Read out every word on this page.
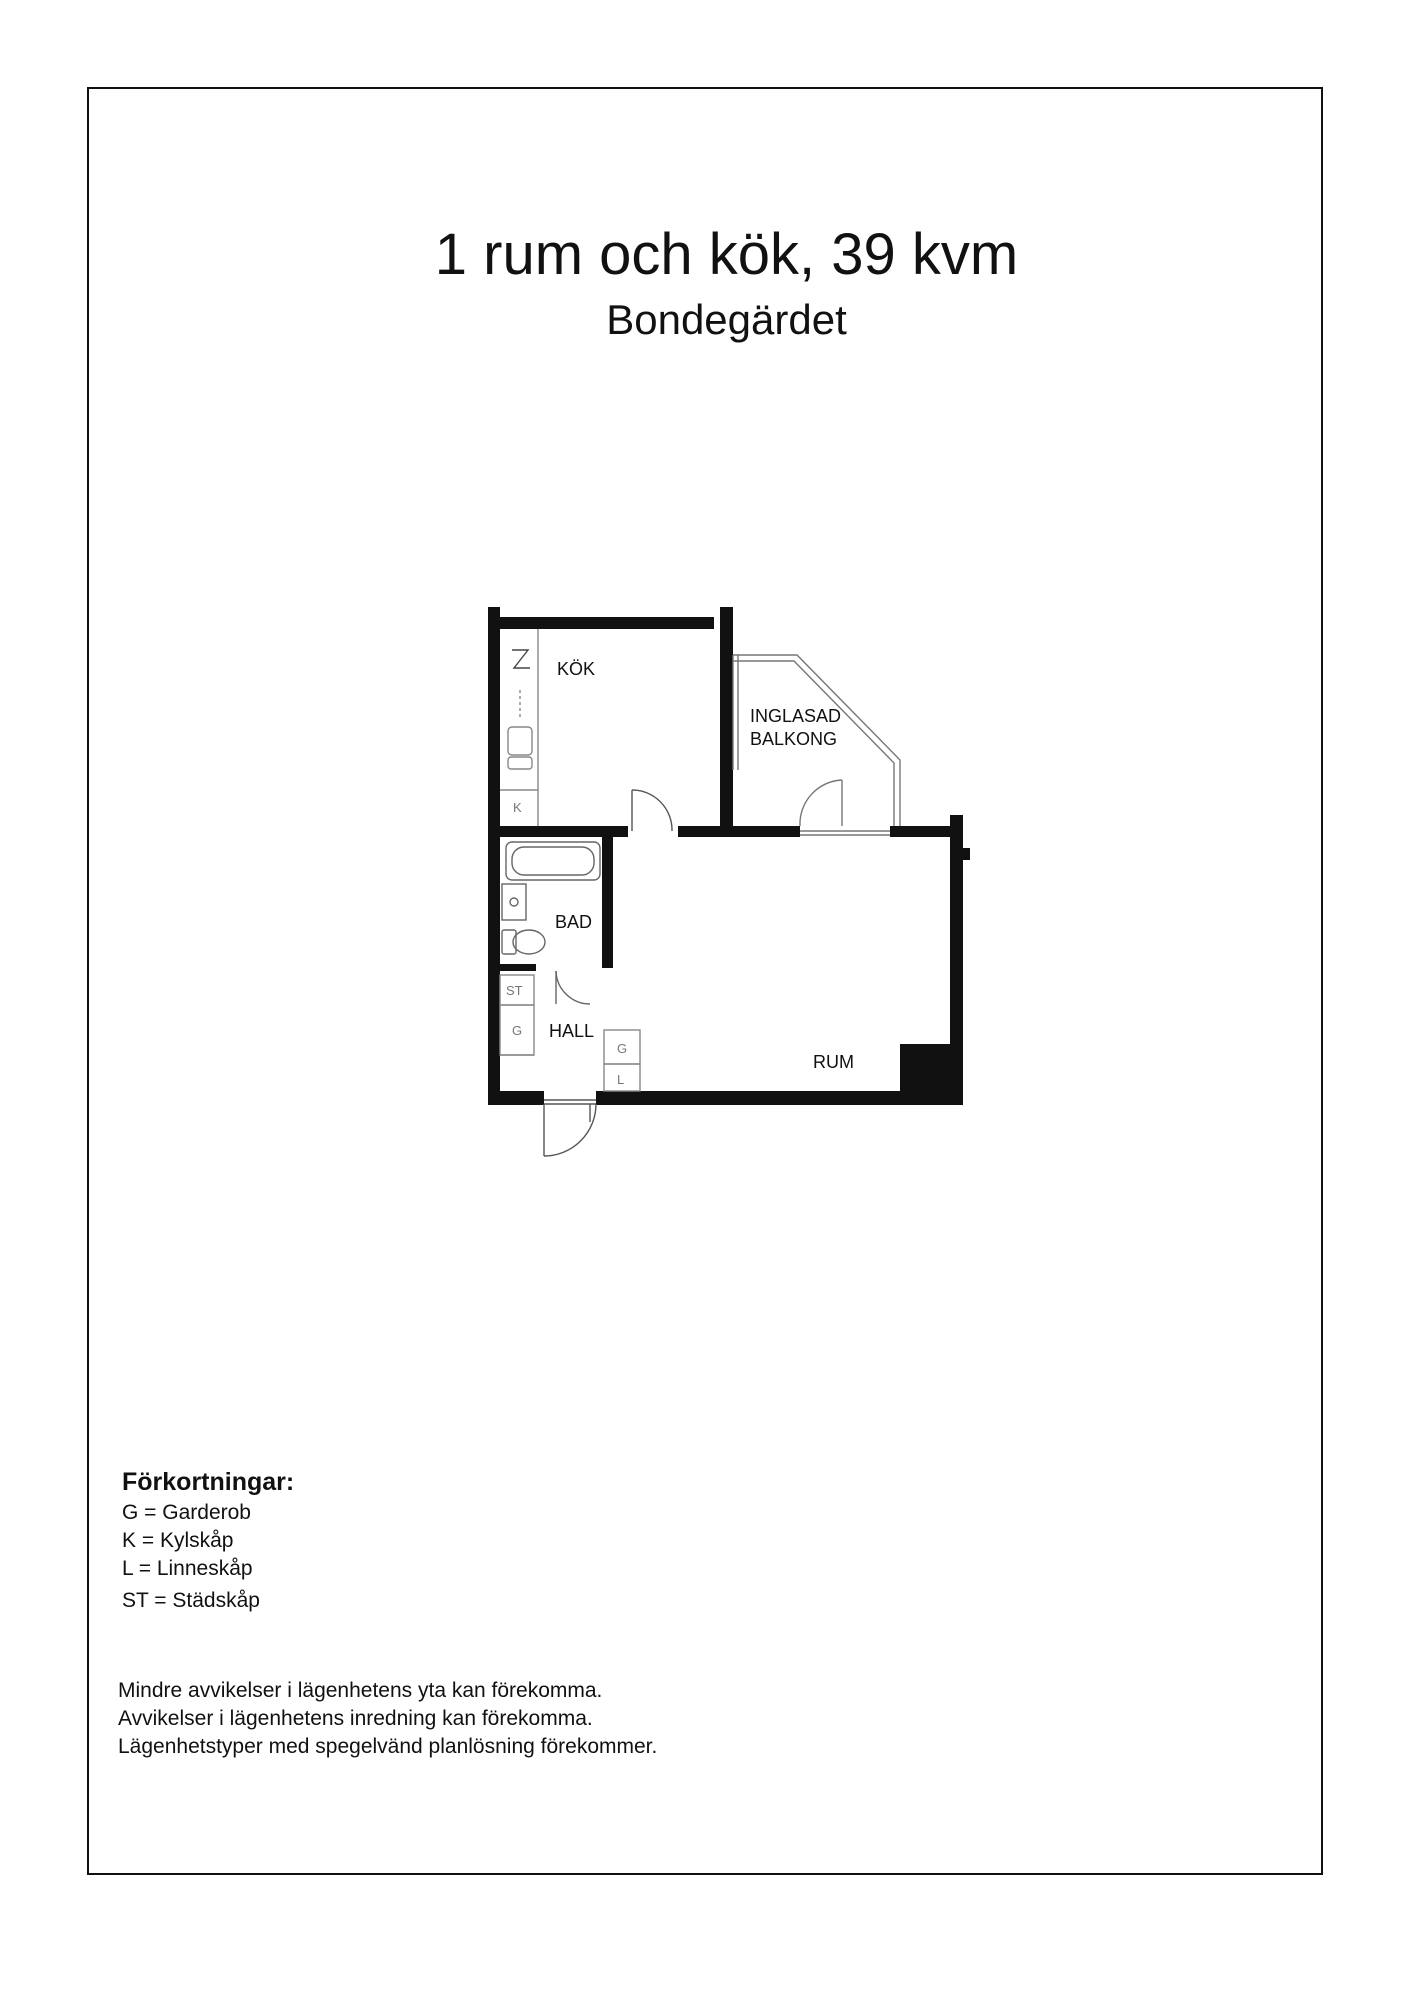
1 rum och kök, 39 kvm
Bondegärdet
K
ST
G
G
L
KÖK
INGLASAD
BALKONG
BAD
HALL
RUM
Förkortningar:
G = Garderob
K = Kylskåp
L = Linneskåp
ST = Städskåp
Mindre avvikelser i lägenhetens yta kan förekomma.
Avvikelser i lägenhetens inredning kan förekomma.
Lägenhetstyper med spegelvänd planlösning förekommer.
